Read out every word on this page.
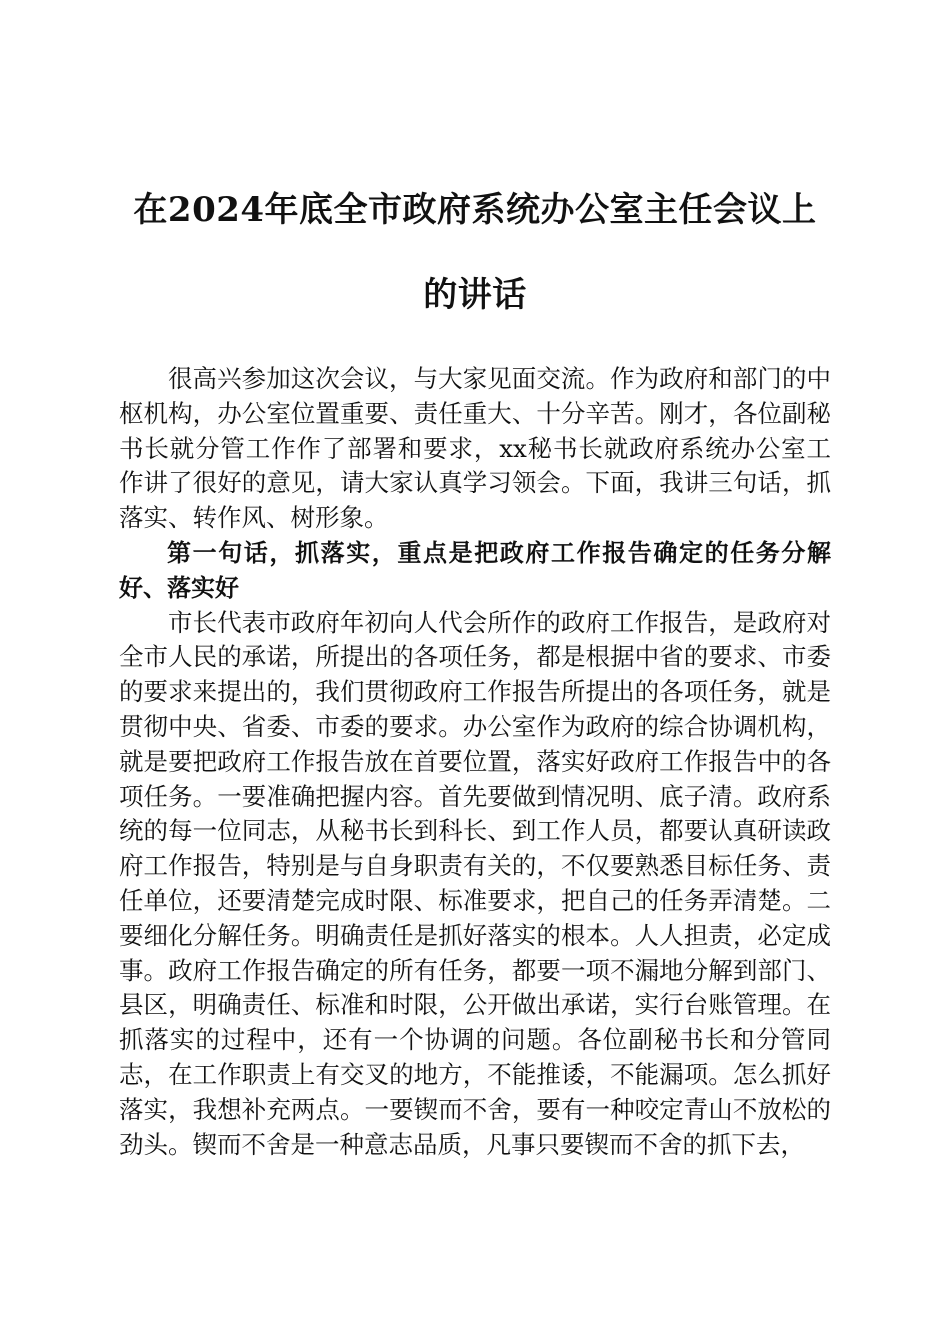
在2024年底全市政府系统办公室主任会议上
的讲话

很高兴参加这次会议，与大家见面交流。作为政府和部门的中枢机构，办公室位置重要、责任重大、十分辛苦。刚才，各位副秘书长就分管工作作了部署和要求，xx秘书长就政府系统办公室工作讲了很好的意见，请大家认真学习领会。下面，我讲三句话，抓落实、转作风、树形象。

第一句话，抓落实，重点是把政府工作报告确定的任务分解好、落实好

市长代表市政府年初向人代会所作的政府工作报告，是政府对全市人民的承诺，所提出的各项任务，都是根据中省的要求、市委的要求来提出的，我们贯彻政府工作报告所提出的各项任务，就是贯彻中央、省委、市委的要求。办公室作为政府的综合协调机构，就是要把政府工作报告放在首要位置，落实好政府工作报告中的各项任务。一要准确把握内容。首先要做到情况明、底子清。政府系统的每一位同志，从秘书长到科长、到工作人员，都要认真研读政府工作报告，特别是与自身职责有关的，不仅要熟悉目标任务、责任单位，还要清楚完成时限、标准要求，把自己的任务弄清楚。二要细化分解任务。明确责任是抓好落实的根本。人人担责，必定成事。政府工作报告确定的所有任务，都要一项不漏地分解到部门、县区，明确责任、标准和时限，公开做出承诺，实行台账管理。在抓落实的过程中，还有一个协调的问题。各位副秘书长和分管同志，在工作职责上有交叉的地方，不能推诿，不能漏项。怎么抓好落实，我想补充两点。一要锲而不舍，要有一种咬定青山不放松的劲头。锲而不舍是一种意志品质，凡事只要锲而不舍的抓下去，
